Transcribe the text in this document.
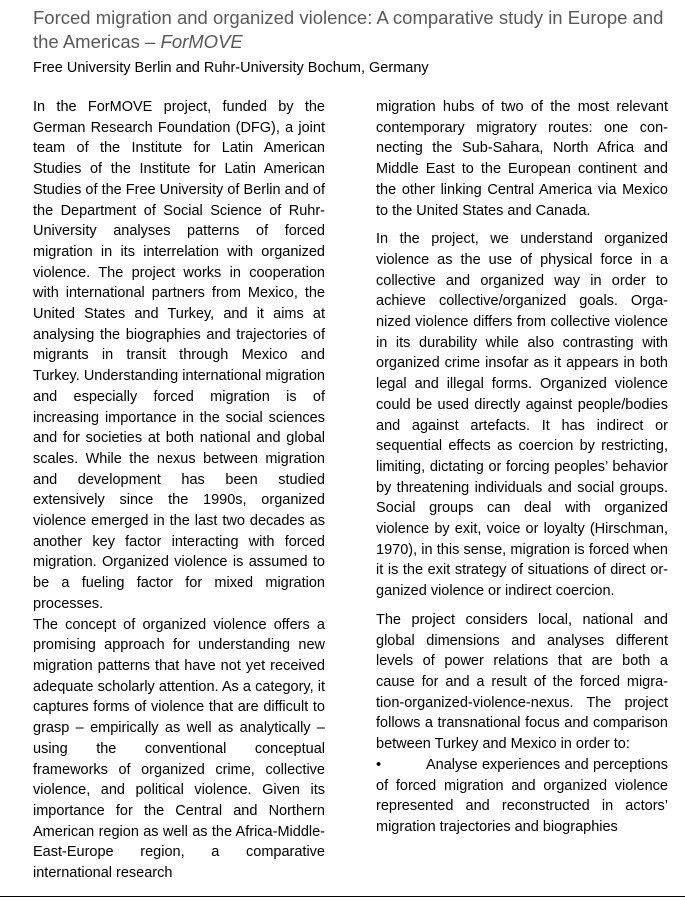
Forced migration and organized violence: A comparative study in Europe and the Americas – ForMOVE

Free University Berlin and Ruhr-University Bochum, Germany

In the ForMOVE project, funded by the German Research Foundation (DFG), a joint team of the Institute for Latin American Studies of the Institute for Latin American Studies of the Free University of Berlin and of the Department of Social Science of Ruhr-University analyses patterns of forced migration in its interrelation with organized violence. The project works in cooperation with international partners from Mexico, the United States and Turkey, and it aims at analysing the biographies and trajectories of migrants in transit through Mexico and Turkey. Understanding international migration and especially forced migration is of increasing importance in the social sciences and for societies at both national and global scales. While the nexus between migration and development has been studied extensively since the 1990s, organized violence emerged in the last two decades as another key factor interacting with forced migration. Organized violence is assumed to be a fueling factor for mixed migration processes.

The concept of organized violence offers a promising approach for understanding new migration patterns that have not yet received adequate scholarly attention. As a category, it captures forms of violence that are difficult to grasp – empirically as well as analytically – using the conventional conceptual frameworks of organized crime, collective violence, and political violence. Given its importance for the Central and Northern American region as well as the Africa-Middle-East-Europe region, a comparative international research

migration hubs of two of the most relevant contemporary migratory routes: one connecting the Sub-Sahara, North Africa and Middle East to the European continent and the other linking Central America via Mexico to the United States and Canada.

In the project, we understand organized violence as the use of physical force in a collective and organized way in order to achieve collective/organized goals. Organized violence differs from collective violence in its durability while also contrasting with organized crime insofar as it appears in both legal and illegal forms. Organized violence could be used directly against people/bodies and against artefacts. It has indirect or sequential effects as coercion by restricting, limiting, dictating or forcing peoples’ behavior by threatening individuals and social groups. Social groups can deal with organized violence by exit, voice or loyalty (Hirschman, 1970), in this sense, migration is forced when it is the exit strategy of situations of direct organized violence or indirect coercion.

The project considers local, national and global dimensions and analyses different levels of power relations that are both a cause for and a result of the forced migration-organized-violence-nexus. The project follows a transnational focus and comparison between Turkey and Mexico in order to:

•	Analyse experiences and perceptions of forced migration and organized violence represented and reconstructed in actors’ migration trajectories and biographies
